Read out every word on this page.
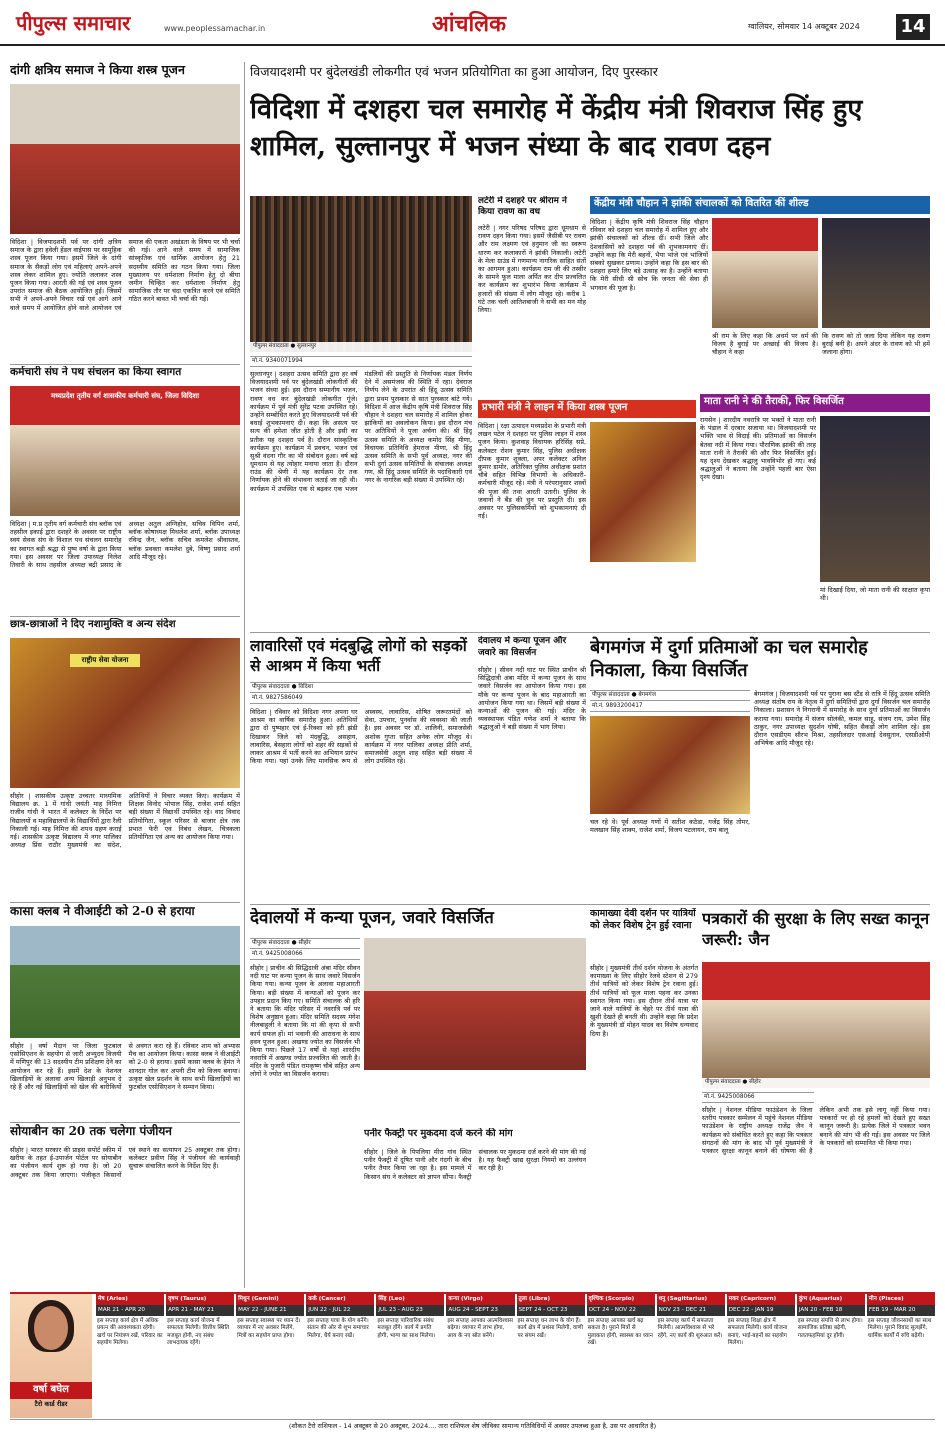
पीपुल्स समाचार	www.peoplessamachar.in	आंचलिक	ग्वालियर, सोमवार 14 अक्टूबर 2024 14
दांगी क्षत्रिय समाज ने किया शस्त्र पूजन
विदिशा | विजयादशमी पर्व पर दांगी क्षत्रिय समाज के द्वारा हवेली हेंडल वाईपास पर सामूहिक शस्त्र पूजन किया गया। इसमें जिले के दांगी समाज के सैकड़ों लोग एवं महिलाएं अपने-अपने शस्त्र लेकर शामिल हुए। ज्योति जलाकर शस्त्र पूजन किया गया। आरती की गई एवं शस्त्र पूजन उपरांत समाज की बैठक आयोजित हुई। जिसमें सभी ने अपने-अपने विचार रखें एवं आगे आने वाले समय में आयोजित होने वाले आयोजन एवं समाज की एकता अखंडता के विषय पर भी चर्चा की गई। आने वाले समय में सामाजिक सांस्कृतिक एवं धार्मिक आयोजन हेतु 21 सदस्यीय समिति का गठन किया गया। जिला मुख्यालय पर धर्मशाला निर्माण हेतु दो बीघा जमीन चिन्हित कर धर्मशाला निर्माण हेतु सामाजिक तौर पर चंदा एकत्रित करने एवं समिति गठित करने बावत भी चर्चा की गई।
कर्मचारी संघ ने पथ संचलन का किया स्वागत
मध्यप्रदेश तृतीय वर्ग शासकीय कर्मचारी संघ, जिला विदिशा
विदिशा | म.प्र तृतीय वर्ग कर्मचारी संघ ब्लॉक एवं तहसील इकाई द्वारा दशहरे के अवसर पर राष्ट्रीय स्वयं सेवक संघ के विशाल पथ संचलन समारोह का स्वागत बड़ी श्रद्धा से पुष्प वर्षा के द्वारा किया गया। इस अवसर पर जिला उपाध्यक्ष निलेश तिवारी के साथ तहसील अध्यक्ष बद्री प्रसाद के अध्यक्ष अतुल अग्निहोत्र, सचिव विपिन शर्मा, ब्लॉक कोषाध्यक्ष मिथलेश शर्मा, ब्लॉक उपाध्यक्ष रविन्द्र जैन, ब्लॉक सचिव कमलेश श्रीवास्तव, ब्लॉक प्रवक्ता कमलेश दुबे, विष्णु प्रसाद शर्मा आदि मौजूद रहे।
छात्र-छात्राओं ने दिए नशामुक्ति व अन्य संदेश
राष्ट्रीय सेवा योजना
सीहोर | शासकीय उत्कृष्ट उच्चतर माध्यमिक विद्यालय क्र. 1 में गांधी जयंती माह निमित्त राजीव गांधी ने भारत में कलेक्टर के निर्देश पर विद्यालयों व महाविद्यालयों के विद्यार्थियों द्वारा रैली निकाली गई। माह निमित्त की शपथ ग्रहण कराई गई। शासकीय उत्कृष्ट विद्यालय में नगर पालिका अध्यक्ष प्रिंस राठौर मुख्यमंत्री का संदेश, अतिथियों ने विचार व्यक्त किए। कार्यक्रम में शिक्षक विनोद भोपाल सिंह, राजेश शर्मा सहित बड़ी संख्या में विद्यार्थी उपस्थित रहे। वाद विवाद प्रतियोगिता, स्कूल परिसर से बाजार क्षेत्र तक प्रभात फेरी एवं निबंध लेखन, चित्रकला प्रतियोगिता एवं अन्य का आयोजन किया गया।
कासा क्लब ने वीआईटी को 2-0 से हराया
सीहोर | वर्षा मैदान पर जिला फुटबाल एसोसिएशन के सहयोग से जारी अभ्युदय विजयी में मणिपुर की 13 सदस्यीय टीम प्रशिक्षण देने का आयोजन कर रहे हैं। इसमें देश के नेशनल खिलाड़ियों के अलावा अन्य खिलाड़ी अनुभव दे रहे हैं और नई खिलाड़ियों को खेल की बारीकियों से अवगत करा रहे हैं। रविवार शाम को अभ्यास मैच का आयोजन किया। कासा क्लब ने वीआईटी को 2-0 से हराया। इसमें कासा क्लब के हेमंत ने शानदार गोल कर अपनी टीम को विजय बनाया। उत्कृष्ट खेल प्रदर्शन के साथ सभी खिलाड़ियों का फुटबॉल एसोसिएशन ने सम्मान किया।
सोयाबीन का 20 तक चलेगा पंजीयन
सीहोर | भारत सरकार की प्राइस सपोर्ट स्कीम में खरीफ के तहत ई-उपार्जन पोर्टल पर सोयाबीन का पंजीयन कार्य शुरू हो गया है। जो 20 अक्टूबर तक किया जाएगा। पंजीकृत किसानों एवं स्थाने का सत्यापन 25 अक्टूबर तक होगा। कलेक्टर प्रवीण सिंह ने पंजीयन की कार्यवाही सुचारू संचालित करने के निर्देश दिए हैं।
विजयादशमी पर बुंदेलखंडी लोकगीत एवं भजन प्रतियोगिता का हुआ आयोजन, दिए पुरस्कार
विदिशा में दशहरा चल समारोह में केंद्रीय मंत्री शिवराज सिंह हुए शामिल, सुल्तानपुर में भजन संध्या के बाद रावण दहन
पीपुल्स संवाददाता ● सुल्तानपुर
मो.नं. 9340071994
सुल्तानपुर | दशहरा उत्सव समिति द्वारा हर वर्ष विजयादशमी पर्व पर बुंदेलखंडी लोकगीतों की भजन संध्या हुई। इस दौरान सम्मानीय भजन, रावण वध कर बुंदेलखंडी लोकगीत गूंजे। कार्यक्रम में पूर्व मंत्री सुरेंद्र पटवा उपस्थित रहे। उन्होंने सम्बोधित करते हुए विजयादशमी पर्व की बधाई शुभकामनाएं दी। कहा कि असत्य पर सत्य की हमेशा जीत होती है और इसी का प्रतीक यह दशहरा पर्व है। दौरान सांस्कृतिक कार्यक्रम हुए। कार्यक्रम में प्रवचन, भजन एवं सुश्री वंदना गौर का भी संबोधन हुआ। वर्ष बड़े धूमधाम से यह त्योहार मनाया जाता है। दौरान राउंड की श्रेणी में यह कार्यक्रम देर तक निर्णायक होने की संभावना जताई जा रही थी। कार्यक्रम में उपस्थित एक से बढ़कर एक भजन मंडलियों की प्रस्तुति से निर्णायक मंडल निर्णय देने में असमंजस की स्थिति में रहा। देवराज निर्णय लेने के उपरांत श्री हिंदू उत्सव समिति द्वारा प्रथम पुरस्कार से सात पुरस्कार बांटे गये। विदिशा में आज केंद्रीय कृषि मंत्री शिवराज सिंह चौहान ने दशहरा चल समारोह में शामिल होकर झांकियों का अवलोकन किया। इस दौरान मंच पर अतिथियों ने पूजा अर्चना की। श्री हिंदू उत्सव समिति के अध्यक्ष कमोद सिंह मीणा, विधायक प्रतिनिधि हेमराज मीणा, श्री हिंदू उत्सव समिति के सभी पूर्व अध्यक्ष, नगर की सभी दुर्गा उत्सव समितियों के संचालक अध्यक्ष गण, श्री हिंदू उत्सव समिति के पदाधिकारी एवं नगर के नागरिक बड़ी संख्या में उपस्थित रहे।
लटेरी में दशहरे पर श्रीराम ने किया रावण का वध
लटेरी | नगर परिषद परिषद द्वारा धूमधाम से रावण दहन किया गया। इसमें जैसीबी पर रावण और राम लक्ष्मण एवं हनुमान जी का स्वरूप धारण कर कलाकारों ने झांकी निकाली। लटेरी के मेला ग्राउंड में गणमान्य नागरिक साहित संतों का आगमन हुआ। कार्यक्रम राम जी की तस्वीर के सामने फूल माला अर्पित कर दीप प्रज्वलित कर कार्यक्रम का शुभारंभ किया कार्यक्रम में हजारों की संख्या में लोग मौजूद रहे। करीब 1 घंटे तक चली आतिशबाजी ने सभी का मन मोह लिया।
केंद्रीय मंत्री चौहान ने झांकी संचालकों को वितरित कीं शील्ड
विदिशा | केंद्रीय कृषि मंत्री शिवराज सिंह चौहान रविवार को दशहरा चल समारोह में शामिल हुए और झांकी संचालकों को शील्ड दीं। सभी जिले और देशवासियों को दशहरा पर्व की शुभकामनाएं दीं। उन्होंने कहा कि मेरी बहनों, भैया भांजे एवं भांजियों सबको सुखकर प्रणाम। उन्होंने कहा कि इस बार की दशहरा हमारे लिए बड़े उत्साह का है। उन्होंने बताया कि मेरी सीधी सी सोच कि जनता की सेवा ही भगवान की पूजा है।
श्री राम के लिए कहा कि अधर्म पर धर्म की विजय है बुराई पर अच्छाई की विजय है। चौहान ने कहा
कि रावण को तो जला दिया लेकिन यह रावण बुराई बनी है। अपने अंदर के रावण को भी हमें जलाना होगा।
प्रभारी मंत्री ने लाइन में किया शस्त्र पूजन
विदिशा | रक्षा उत्पादन मध्यप्रदेश के प्रभारी मंत्री लखन पटेल ने दशहरा पर पुलिस लाइन में शस्त्र पूजन किया। कुशवाह विधायक हरिसिंह सप्रे, कलेक्टर रोशन कुमार सिंह, पुलिस अधीक्षक दीपक कुमार शुक्ला, अपर कलेक्टर अनिल कुमार डामोर, अतिरिक्त पुलिस अधीक्षक प्रशांत चौबे सहित विभिन्न विभागों के अधिकारी-कर्मचारी मौजूद रहे। मंत्री ने परंपरानुसार शस्त्रों की पूजा की तथा आरती उतारी। पुलिस के जवानों ने बैंड की धुन पर प्रस्तुति दी। इस अवसर पर पुलिसकर्मियों को शुभकामनाएं दी गईं।
माता रानी ने की तैराकी, फिर विसर्जित
रायसेन | शारदीय नवरात्रि पर भक्तों ने माता रानी के पंडाल में दरबार सजाया था। विजयादशमी पर भक्ति भाव से विदाई की। प्रतिमाओं का विसर्जन बेतवा नदी में किया गया। पौराणिक झांकी की तरह माता रानी ने तैराकी की और फिर विसर्जित हुईं। यह दृश्य देखकर श्रद्धालु भावविभोर हो गए। कई श्रद्धालुओं ने बताया कि उन्होंने पहली बार ऐसा दृश्य देखा।
मां दिखाईं दिया, जो माता रानी की साक्षात कृपा थी।
लावारिसों एवं मंदबुद्धि लोगों को सड़कों से आश्रम में किया भर्ती
पीपुल्स संवाददाता ● विदिशा
मो.नं. 9827586049
विदिशा | रविवार को विदिशा नगर अपना घर आश्रम का वार्षिक समारोह हुआ। अतिथियों द्वारा दो पुष्पहार एवं ई-रिक्शा को हरी झंडी दिखाकर जिले को मंदबुद्धि, असहाय, लावारिस, बेसहारा लोगों को शहर की सड़कों से लाकर आश्रम में भर्ती करने का अभियान प्रारंभ किया गया। यहां उनके लिए मानसिक रूप से अस्वस्थ, लावारिस, शोषित जरूरतमंदों को सेवा, उपचार, पुनर्वास की व्यवस्था की जाती है। इस अवसर पर डॉ. शालिनी, समाजसेवी अशोक गुप्ता सहित अनेक लोग मौजूद थे। कार्यक्रम में नगर पालिका अध्यक्ष प्रीति शर्मा, समाजसेवी अतुल शाह सहित बड़ी संख्या में लोग उपस्थित रहे।
देवालय में कन्या पूजन और जवारे का विसर्जन
सीहोर | सीवन नदी घाट पर स्थित प्राचीन श्री सिद्धिदात्री अंबा मंदिर में कन्या पूजन के साथ जवारे विसर्जन का आयोजन किया गया। इस मौके पर कन्या पूजन के बाद महाआरती का आयोजन किया गया था। जिसमें बड़ी संख्या में कन्याओं की पूजन की गई। मंदिर के व्यवस्थापक पंडित गणेश शर्मा ने बताया कि श्रद्धालुओं ने बड़ी संख्या में भाग लिया।
बेगमगंज में दुर्गा प्रतिमाओं का चल समारोह निकाला, किया विसर्जित
पीपुल्स संवाददाता ● बेगमगंज
मो.नं. 9893200417
बेगमगंज | विजयादशमी पर्व पर पुराना बस स्टैंड से रात्रि में हिंदू उत्सव समिति अध्यक्ष संतोष राय के नेतृत्व में दुर्गा समितियों द्वारा दुर्गा विसर्जन चल समारोह निकाला। प्रशासन ने निगरानी में समारोह के साथ दुर्गा प्रतिमाओं का विसर्जन कराया गया। समारोह में संजय सोलंकी, कमल साहू, संजय राय, उमेश सिंह ठाकुर, नगर उपाध्यक्ष सुदर्शन घोषी, सहित सैकड़ों लोग शामिल रहे। इस दौरान एसडीएम सौरभ मिश्रा, तहसीलदार एसआई देवसुतान, एसडीओपी अभिषेक आदि मौजूद रहे।
चल रहे थे। पूर्व अध्यक्ष गणों में सतीश कठेडा, गजेंद्र सिंह तोमर, मलखान सिंह शाक्य, राजेश शर्मा, विजय पटलायन, राम बालू
देवालयों में कन्या पूजन, जवारे विसर्जित
पीपुल्स संवाददाता ● सीहोर
मो.नं. 9425008066
सीहोर | प्राचीन श्री सिद्धिदात्री अंबा मंदिर सीवन नदी घाट पर कन्या पूजन के साथ जवारे विसर्जन किया गया। कन्या पूजन के अलावा महाआरती किया। बड़ी संख्या में कन्याओं को पूजन कर उपहार प्रदान किए गए। समिति संचालक श्री हरि ने बताया कि मंदिर परिसर में नवरात्रि पर्व पर विशेष अनुष्ठान हुआ। मंदिर समिति सदस्य मंगेश नीलबाहुली ने बताया कि मां की कृपा से सभी कार्य सफल हों। मां भवानी की आराधना के साथ हवन पूजन हुआ। अखण्ड ज्योत का विसर्जन भी किया गया। पिछले 17 वर्षों से यहां शारदीय नवरात्रि में अखण्ड ज्योत प्रज्वलित की जाती है। मंदिर के पुजारी पंडित रामकृष्ण चौबे सहित अन्य लोगों ने ज्योत का विसर्जन कराया।
पनीर फैक्ट्री पर मुकदमा दर्ज करने की मांग
सीहोर | जिले के पिपलिया मीरा गांव स्थित पनीर फैक्ट्री में दूषित पानी और गंदगी के बीच पनीर तैयार किया जा रहा है। इस मामले में किसान संघ ने कलेक्टर को ज्ञापन सौंपा। फैक्ट्री संचालक पर मुकदमा दर्ज करने की मांग की गई है। यह फैक्ट्री खाद्य सुरक्षा नियमों का उल्लंघन कर रही है।
कामाख्या देवी दर्शन पर यात्रियों को लेकर विशेष ट्रेन हुई रवाना
सीहोर | मुख्यमंत्री तीर्थ दर्शन योजना के अंतर्गत कामाख्या के लिए सीहोर रेलवे स्टेशन से 279 तीर्थ यात्रियों को लेकर विशेष ट्रेन रवाना हुई। तीर्थ यात्रियों को फूल माला पहना कर उनका स्वागत किया गया। इस दौरान तीर्थ यात्रा पर जाने वाले यात्रियों के चेहरे पर तीर्थ यात्रा की खुशी देखते ही बनती थी। उन्होंने कहा कि प्रदेश के मुख्यमंत्री डॉ मोहन यादव का विशेष धन्यवाद दिया है।
पत्रकारों की सुरक्षा के लिए सख्त कानून जरूरी: जैन
पीपुल्स संवाददाता ● सीहोर
मो.नं. 9425008066
सीहोर | नेशनल मीडिया फाउंडेशन के जिला स्तरीय पत्रकार सम्मेलन में पहुंचे नेशनल मीडिया फाउंडेशन के राष्ट्रीय अध्यक्ष राजेंद्र जैन ने कार्यक्रम को संबोधित करते हुए कहा कि पत्रकार संगठनों की मांग के बाद भी पूर्व मुख्यमंत्री ने पत्रकार सुरक्षा कानून बनाने की घोषणा की है लेकिन अभी तक इसे लागू नहीं किया गया। पत्रकारों पर हो रहे हमलों को देखते हुए सख्त कानून जरूरी है। प्रत्येक जिले में पत्रकार भवन बनाने की मांग भी की गई। इस अवसर पर जिले के पत्रकारों को सम्मानित भी किया गया।
वर्षा बघेल
टैरो कार्ड रीडर
मेष (Aries)
MAR 21 - APR 20
इस सप्ताह कार्य क्षेत्र में अधिक प्रयत्न की आवश्यकता रहेगी। खर्च पर नियंत्रण रखें, परिवार का सहयोग मिलेगा।
वृषभ (Taurus)
APR 21 - MAY 21
इस सप्ताह कार्य योजना में सफलता मिलेगी। वित्तीय स्थिति मजबूत होगी, नए संबंध लाभदायक रहेंगे।
मिथुन (Gemini)
MAY 22 - JUNE 21
इस सप्ताह स्वास्थ्य पर ध्यान दें। व्यापार में नए अवसर मिलेंगे, मित्रों का सहयोग प्राप्त होगा।
कर्क (Cancer)
JUN 22 - JUL 22
इस सप्ताह यात्रा के योग बनेंगे। संतान की ओर से शुभ समाचार मिलेगा, धैर्य बनाए रखें।
सिंह (Leo)
JUL 23 - AUG 23
इस सप्ताह पारिवारिक संबंध मजबूत होंगे। कार्य में प्रगति होगी, भाग्य का साथ मिलेगा।
कन्या (Virgo)
AUG 24 - SEPT 23
इस सप्ताह आपका आत्मविश्वास बढ़ेगा। व्यापार में लाभ होगा, आय के नए स्रोत बनेंगे।
तुला (Libra)
SEPT 24 - OCT 23
इस सप्ताह धन लाभ के योग हैं। कार्य क्षेत्र में प्रशंसा मिलेगी, वाणी पर संयम रखें।
वृश्चिक (Scorpio)
OCT 24 - NOV 22
इस सप्ताह आपका खर्च बढ़ सकता है। पुराने मित्रों से मुलाकात होगी, स्वास्थ्य का ध्यान रखें।
धनु (Sagittarius)
NOV 23 - DEC 21
इस सप्ताह कार्य में सफलता मिलेगी। आत्मविश्वास से भरे रहेंगे, नए कार्य की शुरुआत करें।
मकर (Capricorn)
DEC 22 - JAN 19
इस सप्ताह शिक्षा क्षेत्र में सफलता मिलेगी। कार्य योजना बनाएं, भाई-बहनों का सहयोग मिलेगा।
कुंभ (Aquarius)
JAN 20 - FEB 18
इस सप्ताह संपत्ति से लाभ होगा। सामाजिक प्रतिष्ठा बढ़ेगी, गलतफहमियां दूर होंगी।
मीन (Pisces)
FEB 19 - MAR 20
इस सप्ताह जीवनसाथी का साथ मिलेगा। पुराने विवाद सुलझेंगे, धार्मिक कार्यों में रुचि बढ़ेगी।
(शौकत टैरो राशिफल - 14 अक्टूबर से 20 अक्टूबर, 2024.... तारा राशिफल शेष जीविका सामान्य गतिविधियों में अवसर उपलब्ध हुआ है, उस पर आधारित है)
